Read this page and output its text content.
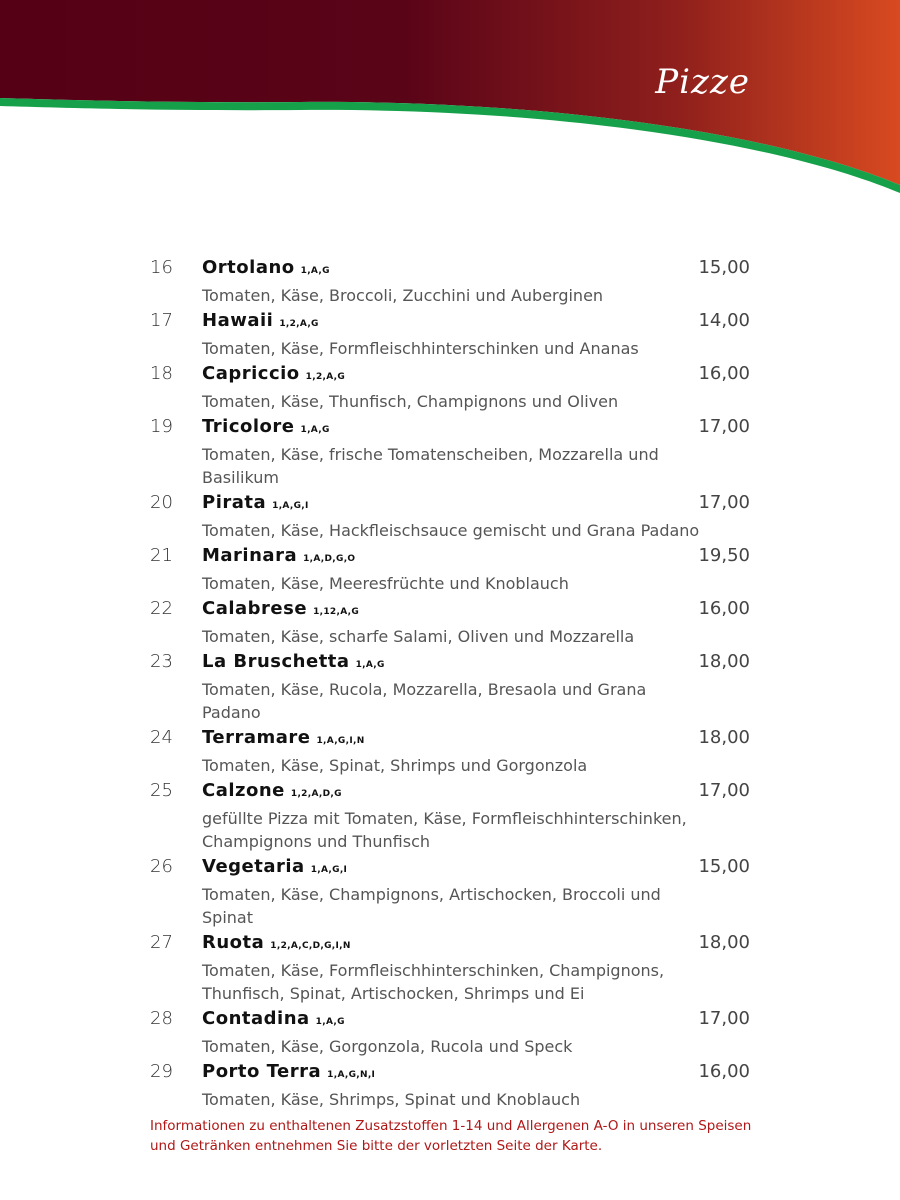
Pizze
16	Ortolano 1,A,G	15,00
Tomaten, Käse, Broccoli, Zucchini und Auberginen
17	Hawaii 1,2,A,G	14,00
Tomaten, Käse, Formfleischhinterschinken und Ananas
18	Capriccio 1,2,A,G	16,00
Tomaten, Käse, Thunfisch, Champignons und Oliven
19	Tricolore 1,A,G	17,00
Tomaten, Käse, frische Tomatenscheiben, Mozzarella und Basilikum
20	Pirata 1,A,G,I	17,00
Tomaten, Käse, Hackfleischsauce gemischt und Grana Padano
21	Marinara 1,A,D,G,O	19,50
Tomaten, Käse, Meeresfrüchte und Knoblauch
22	Calabrese 1,12,A,G	16,00
Tomaten, Käse, scharfe Salami, Oliven und Mozzarella
23	La Bruschetta 1,A,G	18,00
Tomaten, Käse, Rucola, Mozzarella, Bresaola und Grana Padano
24	Terramare 1,A,G,I,N	18,00
Tomaten, Käse, Spinat, Shrimps und Gorgonzola
25	Calzone 1,2,A,D,G	17,00
gefüllte Pizza mit Tomaten, Käse, Formfleischhinterschinken, Champignons und Thunfisch
26	Vegetaria 1,A,G,I	15,00
Tomaten, Käse, Champignons, Artischocken, Broccoli und Spinat
27	Ruota 1,2,A,C,D,G,I,N	18,00
Tomaten, Käse, Formfleischhinterschinken, Champignons, Thunfisch, Spinat, Artischocken, Shrimps und Ei
28	Contadina 1,A,G	17,00
Tomaten, Käse, Gorgonzola, Rucola und Speck
29	Porto Terra 1,A,G,N,I	16,00
Tomaten, Käse, Shrimps, Spinat und Knoblauch
Informationen zu enthaltenen Zusatzstoffen 1-14 und Allergenen A-O in unseren Speisen und Getränken entnehmen Sie bitte der vorletzten Seite der Karte.
